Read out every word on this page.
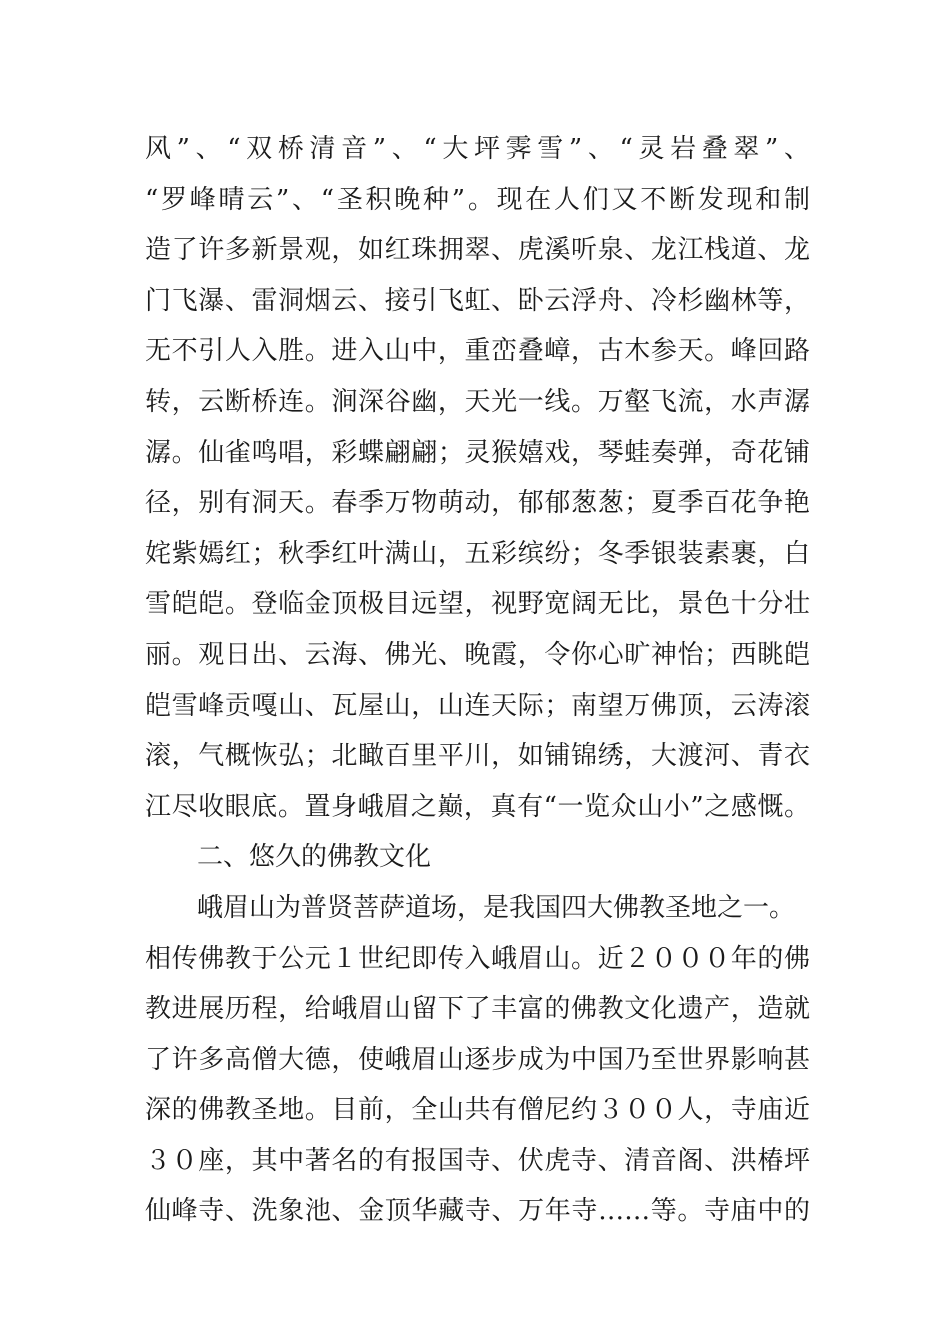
风”、“双桥清音”、“大坪霁雪”、“灵岩叠翠”、
“罗峰晴云”、“圣积晚种”。现在人们又不断发现和制
造了许多新景观，如红珠拥翠、虎溪听泉、龙江栈道、龙
门飞瀑、雷洞烟云、接引飞虹、卧云浮舟、冷杉幽林等，
无不引人入胜。进入山中，重峦叠嶂，古木参天。峰回路
转，云断桥连。涧深谷幽，天光一线。万壑飞流，水声潺
潺。仙雀鸣唱，彩蝶翩翩；灵猴嬉戏，琴蛙奏弹，奇花铺
径，别有洞天。春季万物萌动，郁郁葱葱；夏季百花争艳
姹紫嫣红；秋季红叶满山，五彩缤纷；冬季银装素裹，白
雪皑皑。登临金顶极目远望，视野宽阔无比，景色十分壮
丽。观日出、云海、佛光、晚霞，令你心旷神怡；西眺皑
皑雪峰贡嘎山、瓦屋山，山连天际；南望万佛顶，云涛滚
滚，气概恢弘；北瞰百里平川，如铺锦绣，大渡河、青衣
江尽收眼底。置身峨眉之巅，真有“一览众山小”之感慨。
二、悠久的佛教文化
峨眉山为普贤菩萨道场，是我国四大佛教圣地之一。
相传佛教于公元１世纪即传入峨眉山。近２０００年的佛
教进展历程，给峨眉山留下了丰富的佛教文化遗产，造就
了许多高僧大德，使峨眉山逐步成为中国乃至世界影响甚
深的佛教圣地。目前，全山共有僧尼约３００人，寺庙近
３０座，其中著名的有报国寺、伏虎寺、清音阁、洪椿坪
仙峰寺、洗象池、金顶华藏寺、万年寺……等。寺庙中的
